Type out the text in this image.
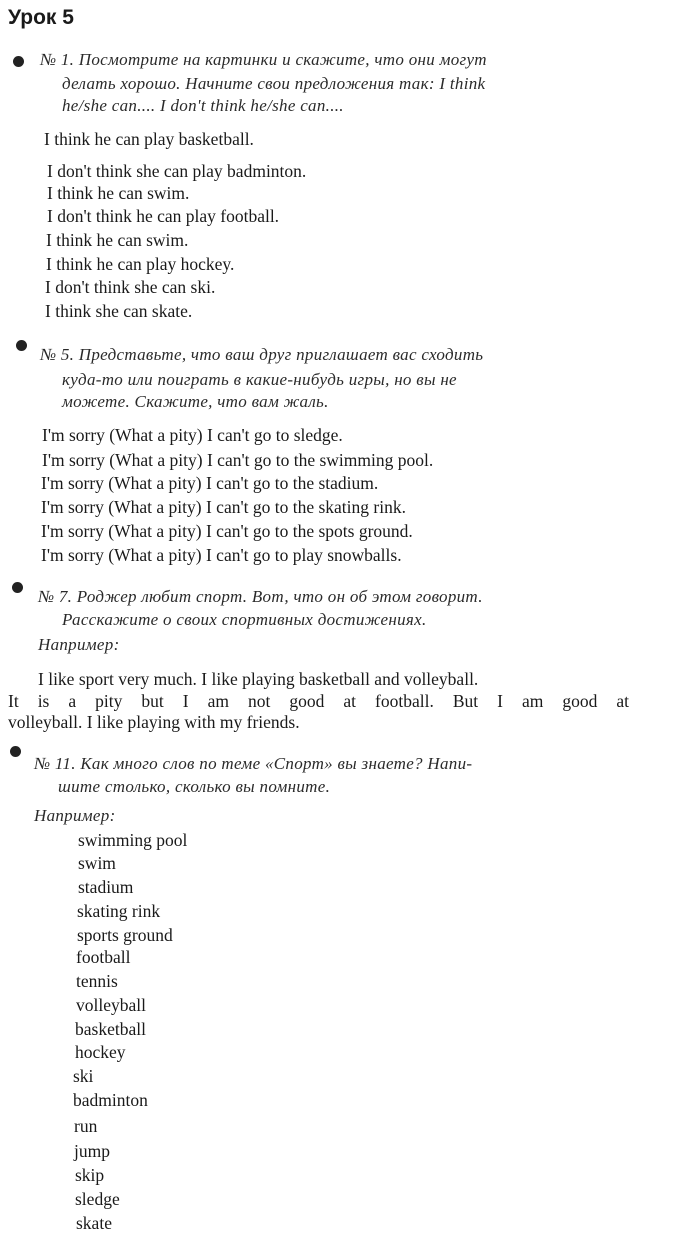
Урок 5
№ 1. Посмотрите на картинки и скажите, что они могут
делать хорошо. Начните свои предложения так: I think
he/she can.... I don't think he/she can....
I think he can play basketball.
I don't think she can play badminton.
I think he can swim.
I don't think he can play football.
I think he can swim.
I think he can play hockey.
I don't think she can ski.
I think she can skate.
№ 5. Представьте, что ваш друг приглашает вас сходить
куда-то или поиграть в какие-нибудь игры, но вы не
можете. Скажите, что вам жаль.
I'm sorry (What a pity) I can't go to sledge.
I'm sorry (What a pity) I can't go to the swimming pool.
I'm sorry (What a pity) I can't go to the stadium.
I'm sorry (What a pity) I can't go to the skating rink.
I'm sorry (What a pity) I can't go to the spots ground.
I'm sorry (What a pity) I can't go to play snowballs.
№ 7. Роджер любит спорт. Вот, что он об этом говорит.
Расскажите о своих спортивных достижениях.
Например:
I like sport very much. I like playing basketball and volleyball.
It is a pity but I am not good at football. But I am good at
volleyball. I like playing with my friends.
№ 11. Как много слов по теме «Спорт» вы знаете? Напи-
шите столько, сколько вы помните.
Например:
swimming pool
swim
stadium
skating rink
sports ground
football
tennis
volleyball
basketball
hockey
ski
badminton
run
jump
skip
sledge
skate
